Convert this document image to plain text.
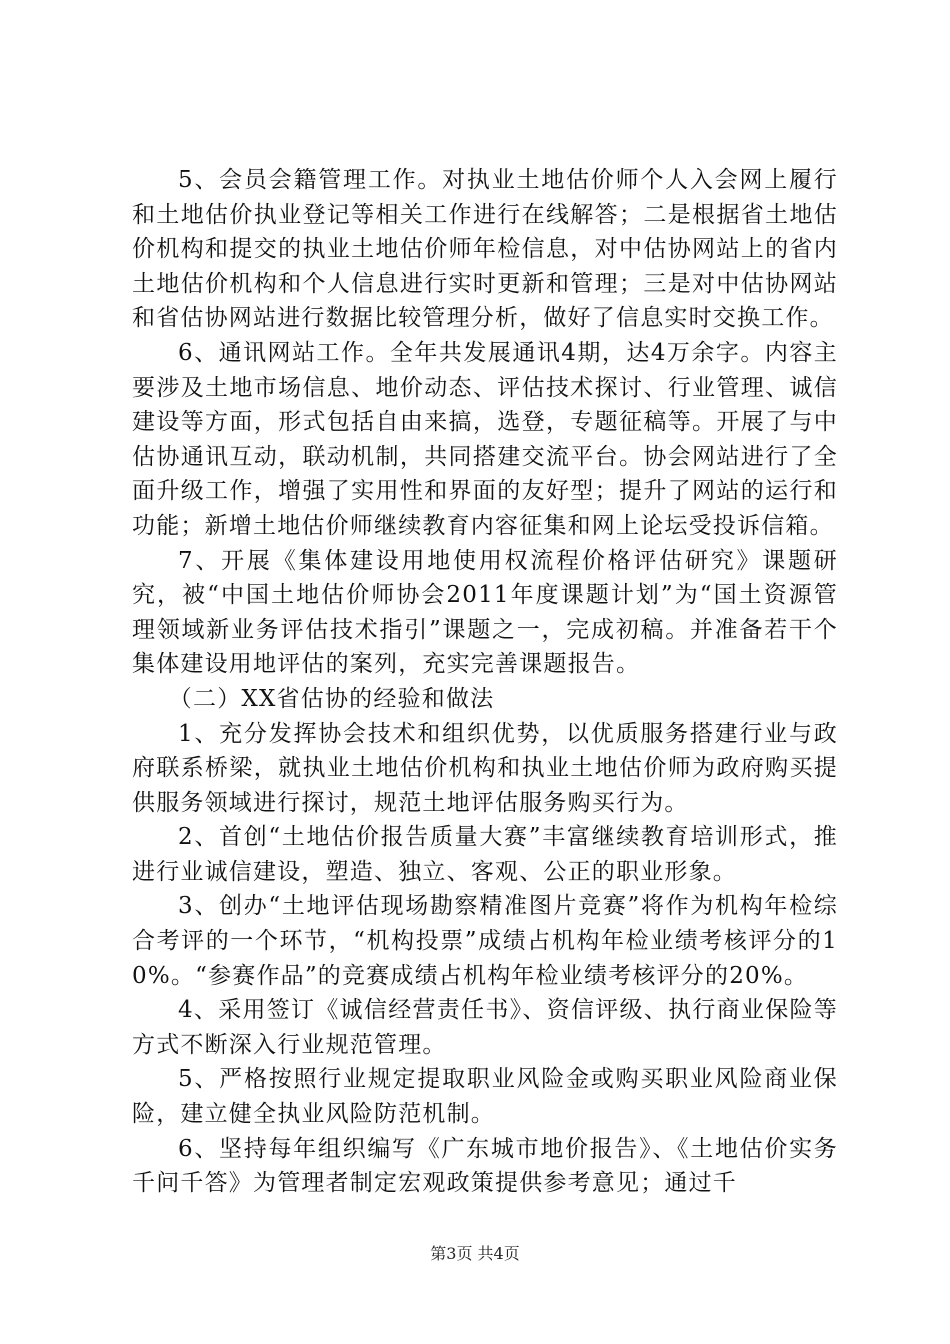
5、会员会籍管理工作。对执业土地估价师个人入会网上履行和土地估价执业登记等相关工作进行在线解答；二是根据省土地估价机构和提交的执业土地估价师年检信息，对中估协网站上的省内土地估价机构和个人信息进行实时更新和管理；三是对中估协网站和省估协网站进行数据比较管理分析，做好了信息实时交换工作。

6、通讯网站工作。全年共发展通讯4期，达4万余字。内容主要涉及土地市场信息、地价动态、评估技术探讨、行业管理、诚信建设等方面，形式包括自由来搞，选登，专题征稿等。开展了与中估协通讯互动，联动机制，共同搭建交流平台。协会网站进行了全面升级工作，增强了实用性和界面的友好型；提升了网站的运行和功能；新增土地估价师继续教育内容征集和网上论坛受投诉信箱。

7、开展《集体建设用地使用权流程价格评估研究》课题研究，被“中国土地估价师协会2011年度课题计划”为“国土资源管理领域新业务评估技术指引”课题之一，完成初稿。并准备若干个集体建设用地评估的案列，充实完善课题报告。

（二）XX省估协的经验和做法

1、充分发挥协会技术和组织优势，以优质服务搭建行业与政府联系桥梁，就执业土地估价机构和执业土地估价师为政府购买提供服务领域进行探讨，规范土地评估服务购买行为。

2、首创“土地估价报告质量大赛”丰富继续教育培训形式，推进行业诚信建设，塑造、独立、客观、公正的职业形象。

3、创办“土地评估现场勘察精准图片竞赛”将作为机构年检综合考评的一个环节，“机构投票”成绩占机构年检业绩考核评分的10%。“参赛作品”的竞赛成绩占机构年检业绩考核评分的20%。

4、采用签订《诚信经营责任书》、资信评级、执行商业保险等方式不断深入行业规范管理。

5、严格按照行业规定提取职业风险金或购买职业风险商业保险，建立健全执业风险防范机制。

6、坚持每年组织编写《广东城市地价报告》、《土地估价实务千问千答》为管理者制定宏观政策提供参考意见；通过千

第3页 共4页
